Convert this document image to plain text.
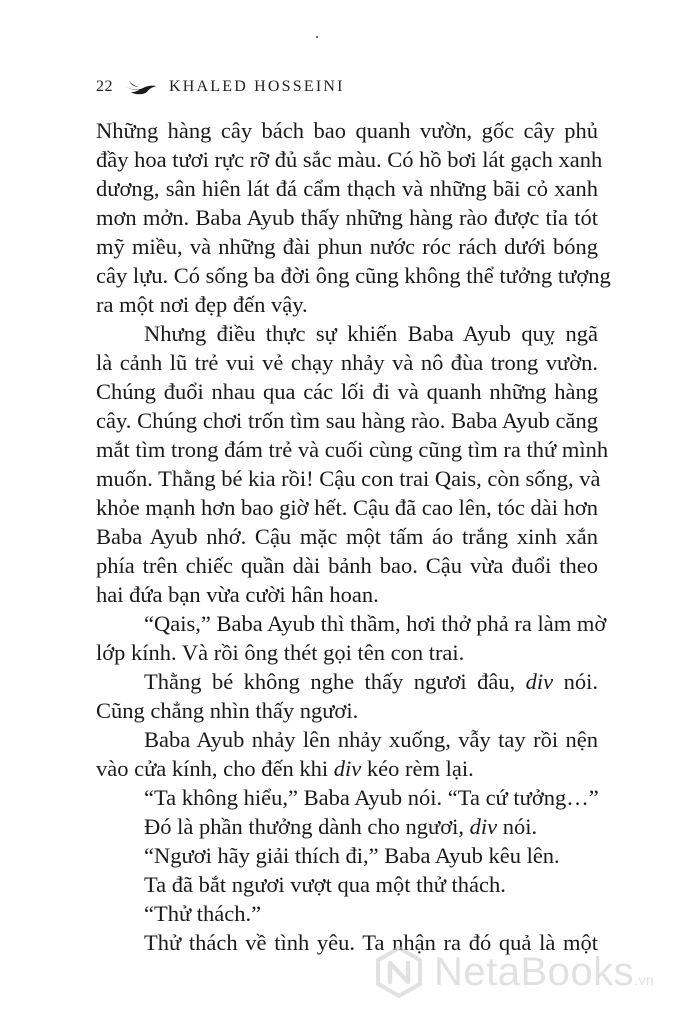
22	KHALED HOSSEINI
Những hàng cây bách bao quanh vườn, gốc cây phủ
đầy hoa tươi rực rỡ đủ sắc màu. Có hồ bơi lát gạch xanh
dương, sân hiên lát đá cẩm thạch và những bãi cỏ xanh
mơn mởn. Baba Ayub thấy những hàng rào được tỉa tót
mỹ miều, và những đài phun nước róc rách dưới bóng
cây lựu. Có sống ba đời ông cũng không thể tưởng tượng
ra một nơi đẹp đến vậy.
Nhưng điều thực sự khiến Baba Ayub quỵ ngã
là cảnh lũ trẻ vui vẻ chạy nhảy và nô đùa trong vườn.
Chúng đuổi nhau qua các lối đi và quanh những hàng
cây. Chúng chơi trốn tìm sau hàng rào. Baba Ayub căng
mắt tìm trong đám trẻ và cuối cùng cũng tìm ra thứ mình
muốn. Thằng bé kia rồi! Cậu con trai Qais, còn sống, và
khỏe mạnh hơn bao giờ hết. Cậu đã cao lên, tóc dài hơn
Baba Ayub nhớ. Cậu mặc một tấm áo trắng xinh xắn
phía trên chiếc quần dài bảnh bao. Cậu vừa đuổi theo
hai đứa bạn vừa cười hân hoan.
“Qais,” Baba Ayub thì thầm, hơi thở phả ra làm mờ
lớp kính. Và rồi ông thét gọi tên con trai.
Thằng bé không nghe thấy ngươi đâu, div nói.
Cũng chẳng nhìn thấy ngươi.
Baba Ayub nhảy lên nhảy xuống, vẫy tay rồi nện
vào cửa kính, cho đến khi div kéo rèm lại.
“Ta không hiểu,” Baba Ayub nói. “Ta cứ tưởng…”
Đó là phần thưởng dành cho ngươi, div nói.
“Ngươi hãy giải thích đi,” Baba Ayub kêu lên.
Ta đã bắt ngươi vượt qua một thử thách.
“Thử thách.”
Thử thách về tình yêu. Ta nhận ra đó quả là một
NetaBooks.vn
